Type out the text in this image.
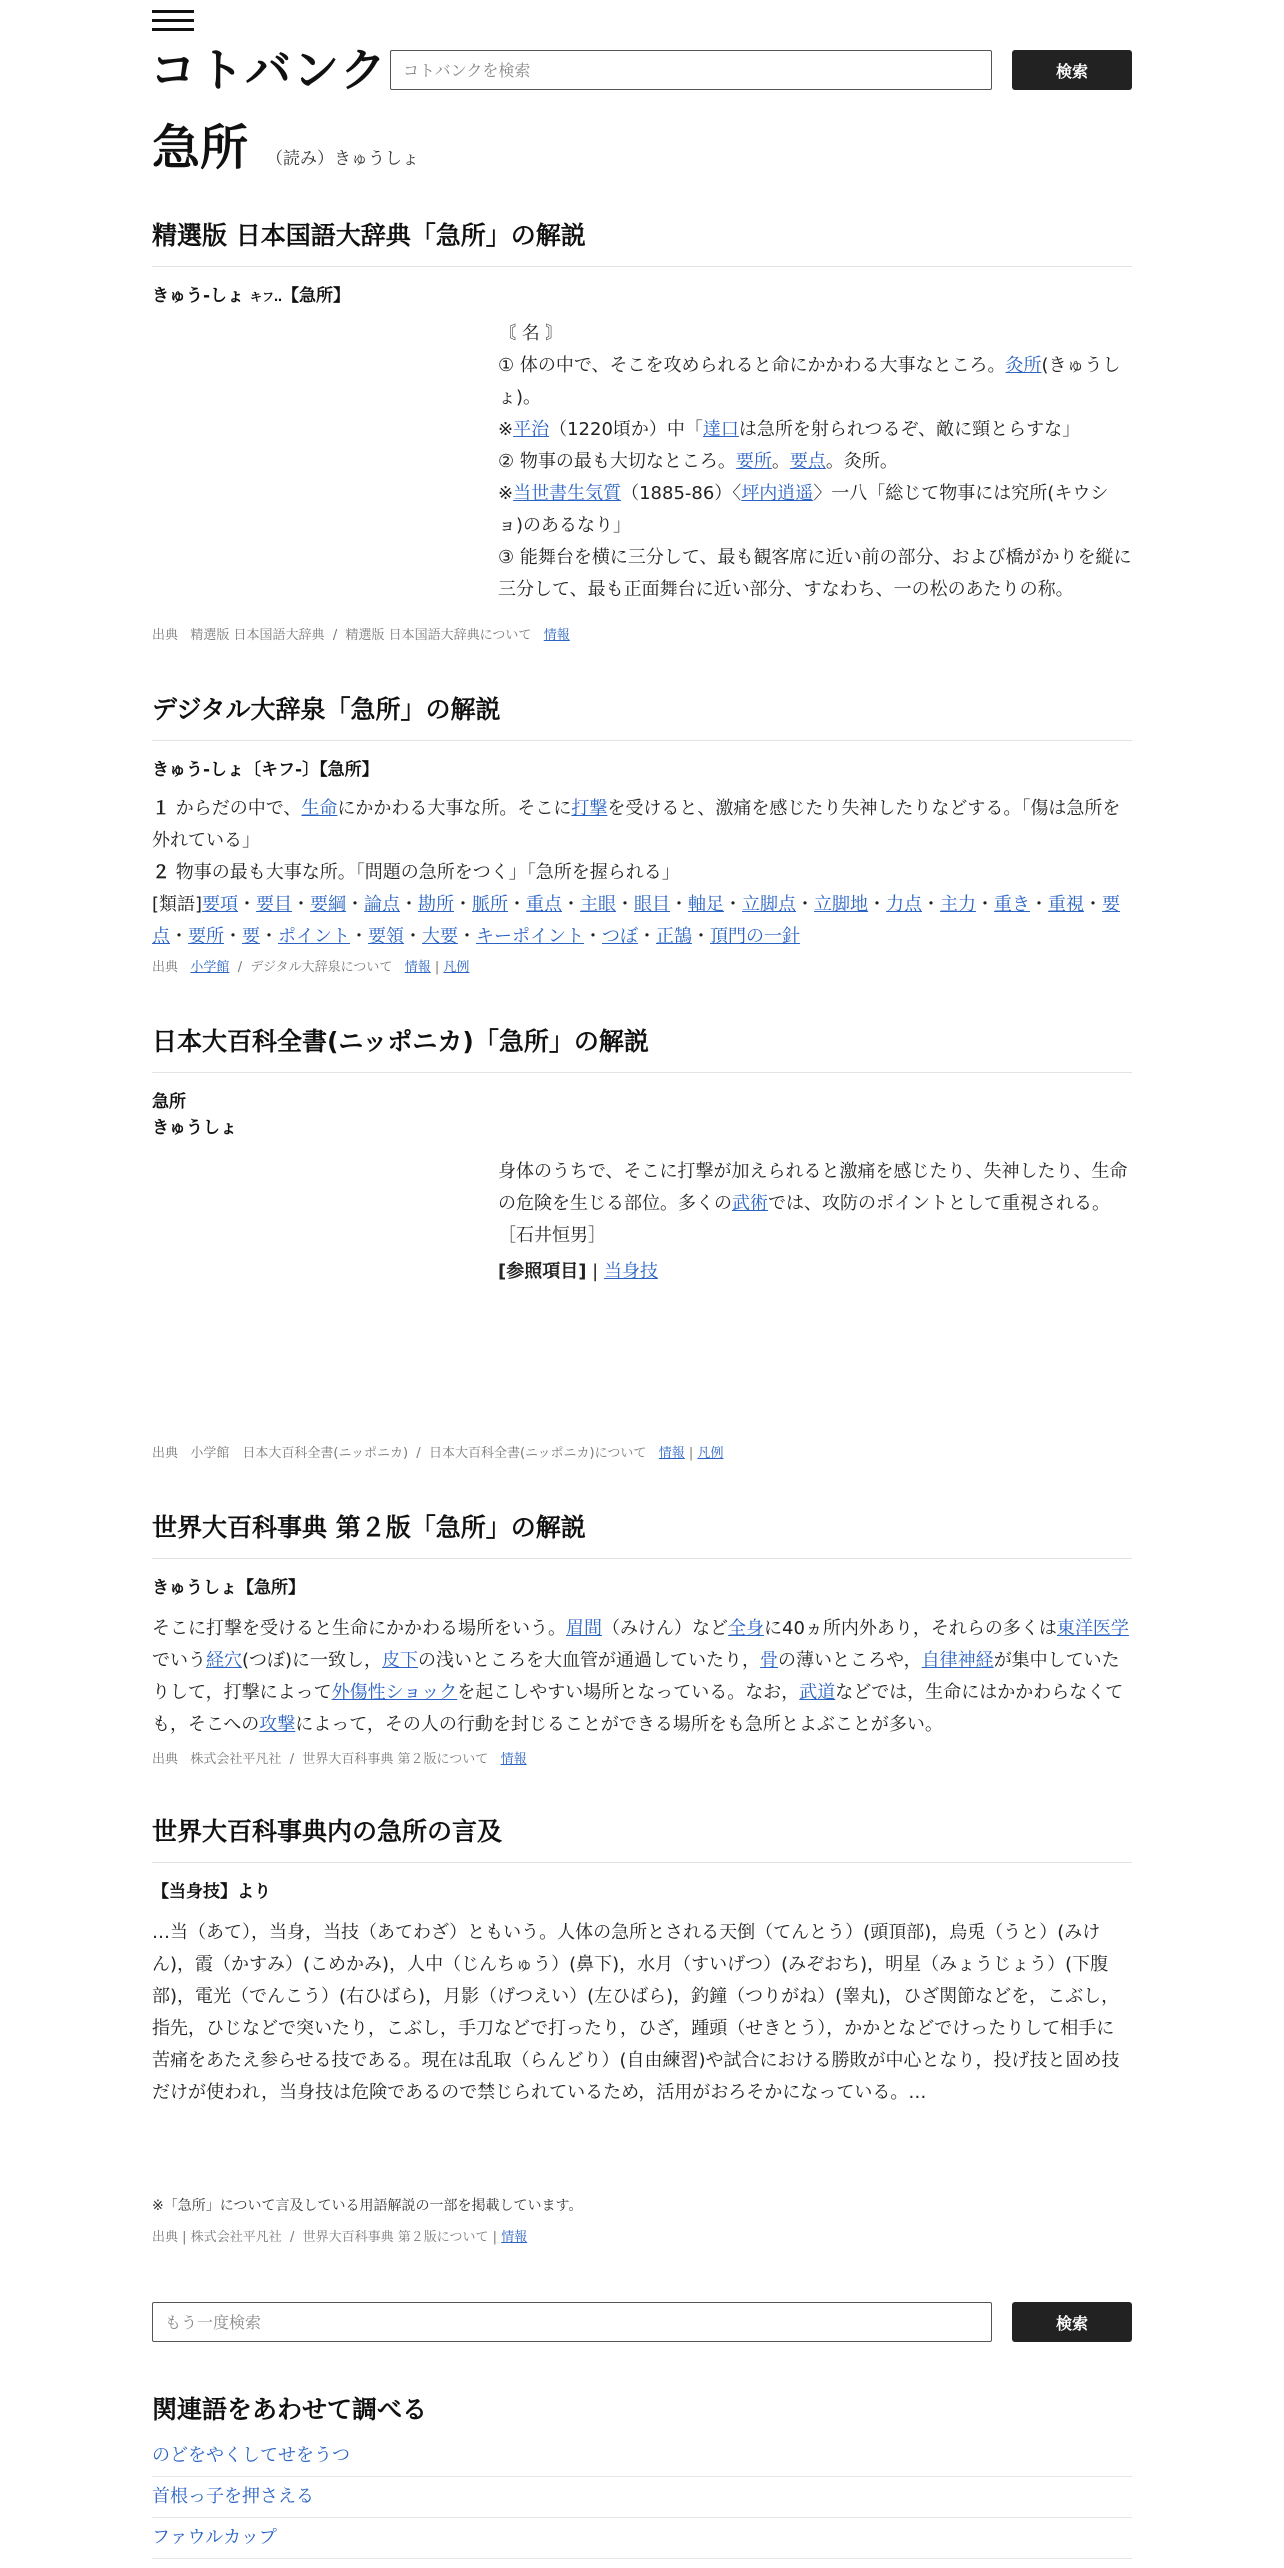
コトバンク
コトバンクを検索	検索
急所 （読み）きゅうしょ
精選版 日本国語大辞典「急所」の解説
きゅう-しょ キフ‥【急所】
〘 名 〙
① 体の中で、そこを攻められると命にかかわる大事なところ。灸所(きゅうしょ)。
※平治（1220頃か）中「達口は急所を射られつるぞ、敵に頸とらすな」
② 物事の最も大切なところ。要所。要点。灸所。
※当世書生気質（1885‐86）〈坪内逍遥〉一八「総じて物事には究所(キウショ)のあるなり」
③ 能舞台を横に三分して、最も観客席に近い前の部分、および橋がかりを縦に三分して、最も正面舞台に近い部分、すなわち、一の松のあたりの称。
出典 精選版 日本国語大辞典  /  精選版 日本国語大辞典について 情報
デジタル大辞泉「急所」の解説
きゅう-しょ〔キフ-〕【急所】
１ からだの中で、生命にかかわる大事な所。そこに打撃を受けると、激痛を感じたり失神したりなどする。「傷は急所を外れている」
２ 物事の最も大事な所。「問題の急所をつく」「急所を握られる」
[類語]要項・要目・要綱・論点・勘所・脈所・重点・主眼・眼目・軸足・立脚点・立脚地・力点・主力・重き・重視・要点・要所・要・ポイント・要領・大要・キーポイント・つぼ・正鵠・頂門の一針
出典 小学館  /  デジタル大辞泉について 情報 | 凡例
日本大百科全書(ニッポニカ)「急所」の解説
急所
きゅうしょ
身体のうちで、そこに打撃が加えられると激痛を感じたり、失神したり、生命の危険を生じる部位。多くの武術では、攻防のポイントとして重視される。
［石井恒男］
[参照項目] | 当身技
出典 小学館　日本大百科全書(ニッポニカ)  /  日本大百科全書(ニッポニカ)について 情報 | 凡例
世界大百科事典 第２版「急所」の解説
きゅうしょ【急所】
そこに打撃を受けると生命にかかわる場所をいう。眉間（みけん）など全身に40ヵ所内外あり，それらの多くは東洋医学でいう経穴(つぼ)に一致し，皮下の浅いところを大血管が通過していたり，骨の薄いところや，自律神経が集中していたりして，打撃によって外傷性ショックを起こしやすい場所となっている。なお，武道などでは，生命にはかかわらなくても，そこへの攻撃によって，その人の行動を封じることができる場所をも急所とよぶことが多い。
出典 株式会社平凡社  /  世界大百科事典 第２版について 情報
世界大百科事典内の急所の言及
【当身技】より
…当（あて），当身，当技（あてわざ）ともいう。人体の急所とされる天倒（てんとう）(頭頂部)，烏兎（うと）(みけん)，霞（かすみ）(こめかみ)，人中（じんちゅう）(鼻下)，水月（すいげつ）(みぞおち)，明星（みょうじょう）(下腹部)，電光（でんこう）(右ひばら)，月影（げつえい）(左ひばら)，釣鐘（つりがね）(睾丸)，ひざ関節などを，こぶし，指先，ひじなどで突いたり，こぶし，手刀などで打ったり，ひざ，踵頭（せきとう），かかとなどでけったりして相手に苦痛をあたえ参らせる技である。現在は乱取（らんどり）(自由練習)や試合における勝敗が中心となり，投げ技と固め技だけが使われ，当身技は危険であるので禁じられているため，活用がおろそかになっている。…
※「急所」について言及している用語解説の一部を掲載しています。
出典 | 株式会社平凡社  /  世界大百科事典 第２版について | 情報
もう一度検索
検索
関連語をあわせて調べる
のどをやくしてせをうつ
首根っ子を押さえる
ファウルカップ
